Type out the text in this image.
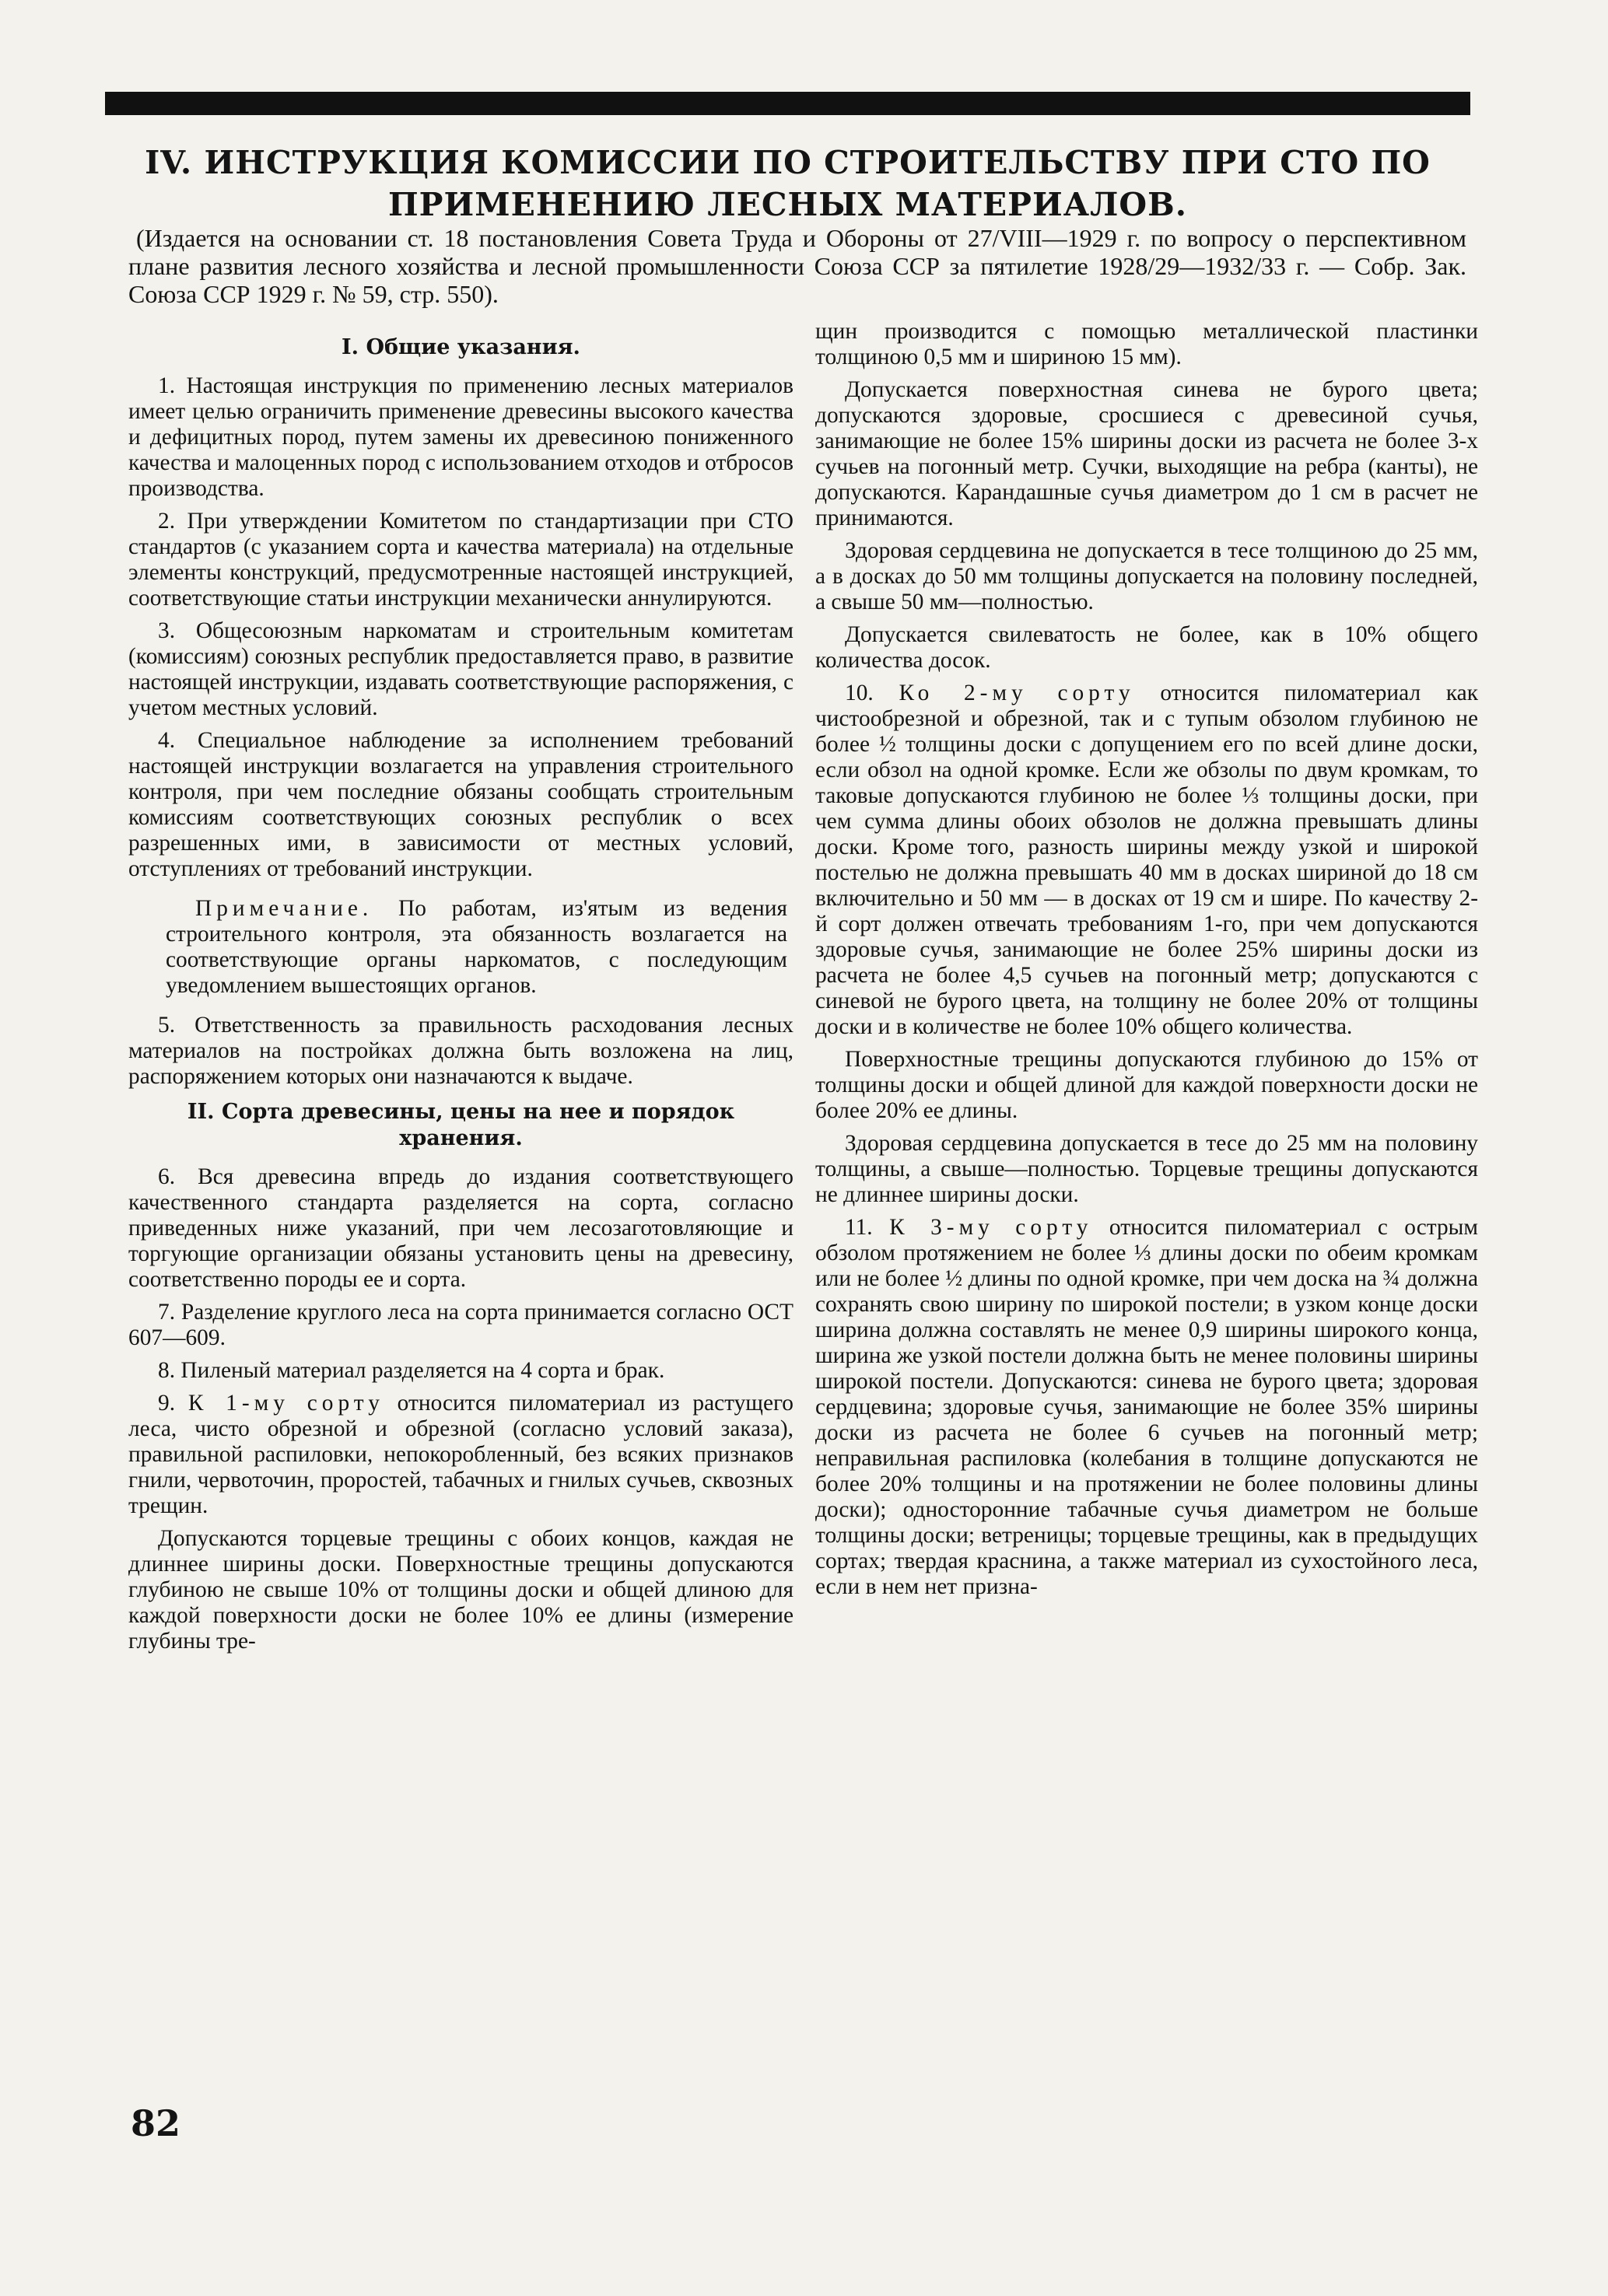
IV. ИНСТРУКЦИЯ КОМИССИИ ПО СТРОИТЕЛЬСТВУ ПРИ СТО ПО ПРИМЕНЕНИЮ ЛЕСНЫХ МАТЕРИАЛОВ.

(Издается на основании ст. 18 постановления Совета Труда и Обороны от 27/VIII—1929 г. по вопросу о перспективном плане развития лесного хозяйства и лесной промышленности Союза ССР за пятилетие 1928/29—1932/33 г. — Собр. Зак. Союза ССР 1929 г. № 59, стр. 550).

I. Общие указания.

1. Настоящая инструкция по применению лесных материалов имеет целью ограничить применение древесины высокого качества и дефицитных пород, путем замены их древесиною пониженного качества и малоценных пород с использованием отходов и отбросов производства.

2. При утверждении Комитетом по стандартизации при СТО стандартов (с указанием сорта и качества материала) на отдельные элементы конструкций, предусмотренные настоящей инструкцией, соответствующие статьи инструкции механически аннулируются.

3. Общесоюзным наркоматам и строительным комитетам (комиссиям) союзных республик предоставляется право, в развитие настоящей инструкции, издавать соответствующие распоряжения, с учетом местных условий.

4. Специальное наблюдение за исполнением требований настоящей инструкции возлагается на управления строительного контроля, при чем последние обязаны сообщать строительным комиссиям соответствующих союзных республик о всех разрешенных ими, в зависимости от местных условий, отступлениях от требований инструкции.

Примечание. По работам, из'ятым из ведения строительного контроля, эта обязанность возлагается на соответствующие органы наркоматов, с последующим уведомлением вышестоящих органов.

5. Ответственность за правильность расходования лесных материалов на постройках должна быть возложена на лиц, распоряжением которых они назначаются к выдаче.

II. Сорта древесины, цены на нее и порядок хранения.

6. Вся древесина впредь до издания соответствующего качественного стандарта разделяется на сорта, согласно приведенных ниже указаний, при чем лесозаготовляющие и торгующие организации обязаны установить цены на древесину, соответственно породы ее и сорта.

7. Разделение круглого леса на сорта принимается согласно ОСТ 607—609.

8. Пиленый материал разделяется на 4 сорта и брак.

9. К 1-му сорту относится пиломатериал из растущего леса, чисто обрезной и обрезной (согласно условий заказа), правильной распиловки, непокоробленный, без всяких признаков гнили, червоточин, проростей, табачных и гнилых сучьев, сквозных трещин.

Допускаются торцевые трещины с обоих концов, каждая не длиннее ширины доски. Поверхностные трещины допускаются глубиною не свыше 10% от толщины доски и общей длиною для каждой поверхности доски не более 10% ее длины (измерение глубины тре-

щин производится с помощью металлической пластинки толщиною 0,5 мм и шириною 15 мм).

Допускается поверхностная синева не бурого цвета; допускаются здоровые, сросшиеся с древесиной сучья, занимающие не более 15% ширины доски из расчета не более 3-х сучьев на погонный метр. Сучки, выходящие на ребра (канты), не допускаются. Карандашные сучья диаметром до 1 см в расчет не принимаются.

Здоровая сердцевина не допускается в тесе толщиною до 25 мм, а в досках до 50 мм толщины допускается на половину последней, а свыше 50 мм—полностью.

Допускается свилеватость не более, как в 10% общего количества досок.

10. Ко 2-му сорту относится пиломатериал как чистообрезной и обрезной, так и с тупым обзолом глубиною не более ½ толщины доски с допущением его по всей длине доски, если обзол на одной кромке. Если же обзолы по двум кромкам, то таковые допускаются глубиною не более ⅓ толщины доски, при чем сумма длины обоих обзолов не должна превышать длины доски. Кроме того, разность ширины между узкой и широкой постелью не должна превышать 40 мм в досках шириной до 18 см включительно и 50 мм — в досках от 19 см и шире. По качеству 2-й сорт должен отвечать требованиям 1-го, при чем допускаются здоровые сучья, занимающие не более 25% ширины доски из расчета не более 4,5 сучьев на погонный метр; допускаются с синевой не бурого цвета, на толщину не более 20% от толщины доски и в количестве не более 10% общего количества.

Поверхностные трещины допускаются глубиною до 15% от толщины доски и общей длиной для каждой поверхности доски не более 20% ее длины.

Здоровая сердцевина допускается в тесе до 25 мм на половину толщины, а свыше—полностью. Торцевые трещины допускаются не длиннее ширины доски.

11. К 3-му сорту относится пиломатериал с острым обзолом протяжением не более ⅓ длины доски по обеим кромкам или не более ½ длины по одной кромке, при чем доска на ¾ должна сохранять свою ширину по широкой постели; в узком конце доски ширина должна составлять не менее 0,9 ширины широкого конца, ширина же узкой постели должна быть не менее половины ширины широкой постели. Допускаются: синева не бурого цвета; здоровая сердцевина; здоровые сучья, занимающие не более 35% ширины доски из расчета не более 6 сучьев на погонный метр; неправильная распиловка (колебания в толщине допускаются не более 20% толщины и на протяжении не более половины длины доски); односторонние табачные сучья диаметром не больше толщины доски; ветреницы; торцевые трещины, как в предыдущих сортах; твердая краснина, а также материал из сухостойного леса, если в нем нет призна-

82
